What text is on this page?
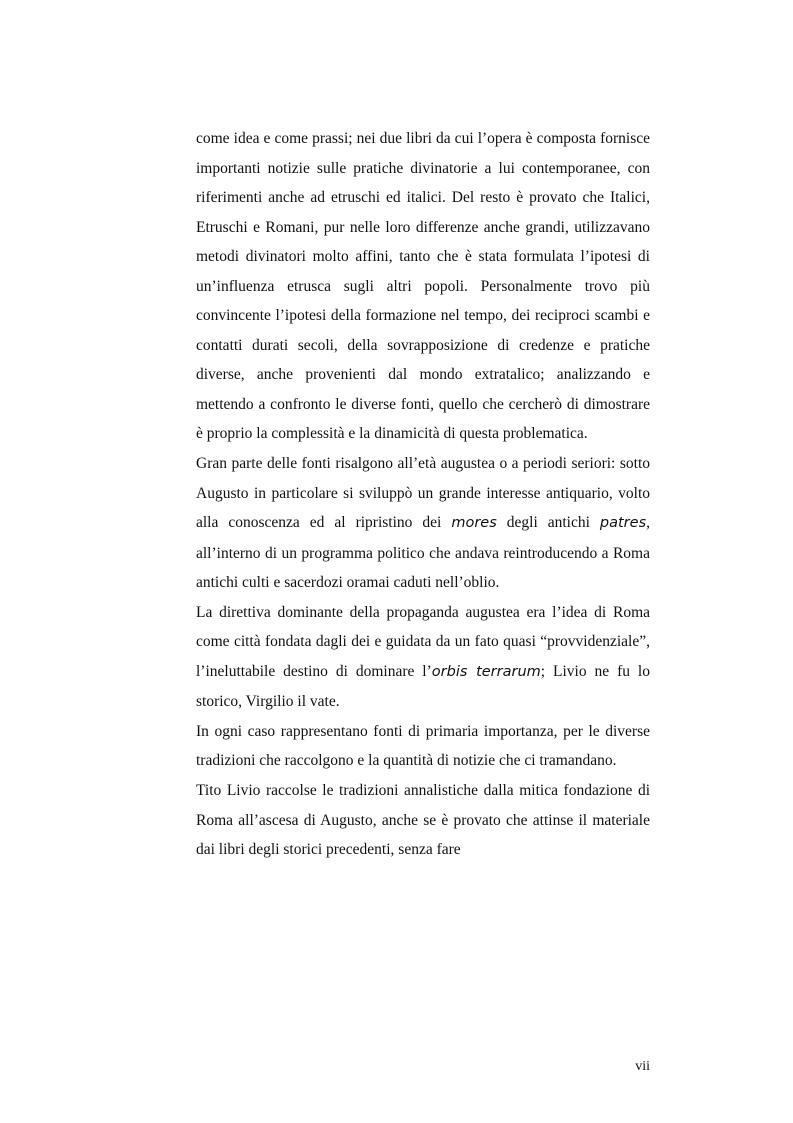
come idea e come prassi; nei due libri da cui l’opera è composta fornisce importanti notizie sulle pratiche divinatorie a lui contemporanee, con riferimenti anche ad etruschi ed italici. Del resto è provato che Italici, Etruschi e Romani, pur nelle loro differenze anche grandi, utilizzavano metodi divinatori molto affini, tanto che è stata formulata l’ipotesi di un’influenza etrusca sugli altri popoli. Personalmente trovo più convincente l’ipotesi della formazione nel tempo, dei reciproci scambi e contatti durati secoli, della sovrapposizione di credenze e pratiche diverse, anche provenienti dal mondo extratalico; analizzando e mettendo a confronto le diverse fonti, quello che cercherò di dimostrare è proprio la complessità e la dinamicità di questa problematica.

Gran parte delle fonti risalgono all’età augustea o a periodi seriori: sotto Augusto in particolare si sviluppò un grande interesse antiquario, volto alla conoscenza ed al ripristino dei mores degli antichi patres, all’interno di un programma politico che andava reintroducendo a Roma antichi culti e sacerdozi oramai caduti nell’oblio.

La direttiva dominante della propaganda augustea era l’idea di Roma come città fondata dagli dei e guidata da un fato quasi “provvidenziale”, l’ineluttabile destino di dominare l’orbis terrarum; Livio ne fu lo storico, Virgilio il vate.

In ogni caso rappresentano fonti di primaria importanza, per le diverse tradizioni che raccolgono e la quantità di notizie che ci tramandano.

Tito Livio raccolse le tradizioni annalistiche dalla mitica fondazione di Roma all’ascesa di Augusto, anche se è provato che attinse il materiale dai libri degli storici precedenti, senza fare

vii
